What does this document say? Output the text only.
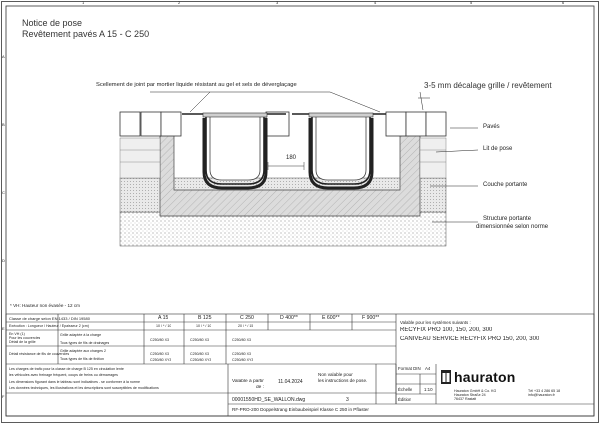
1	2	3	4	5	6
A
B
C
D
E
F
Notice de pose
Revêtement pavés A 15 - C 250
Scellement de joint par mortier liquide résistant au gel et sels de déverglaçage	3-5 mm décalage grille / revêtement
Pavés
Lit de pose
Couche portante
Structure portante
dimensionnée selon norme
180
* VH: Hauteur non évasée - 12 cm
Classe de charge selon EN 1433 / DIN 19580	A 15	B 125	C 250	D 400**	E 600**	F 900**
Exécution : Longueur / Hauteur / Épaisseur 2 (cm)	10 / * / 10	10 / * / 10	20 / * / 15
En VH (1)
Pour les couvercles
Détail de la grille
Grille adaptée à la charge
C250/80 X3	C250/80 X3	C250/80 X3
Tous types de fils de drainages
Détail résistance de fils de couvercles
Grille adaptée aux charges 2
C250/80 X3	C250/80 X3	C250/80 X3
Tous types de fils de finition	C250/80 XY3	C250/80 XY3	C250/80 XY3
Valable pour les systèmes suivants :
RECYFIX PRO 100, 150, 200, 300
CANIVEAU SERVICE RECYFIX PRO 150, 200, 300
Les charges de trafic pour la classe de charge B 125 en circulation lente
les véhicules avec freinage fréquent, coups de freins ou démarrages
Les dimensions figurant dans le tableau sont indicatives - se conformer à la norme
Les données techniques, les illustrations et les descriptions sont susceptibles de modifications
Valable à partir
de :
11.04.2024
Non valable pour
les instructions de pose.
00001550HD_SE_WALLON.dwg	3
Format DIN A4
Échelle	1:10
Édition
hauraton
Hauraton GmbH & Co. KG
Hauraton Straße 24
76437 Rastatt
Tél +33 4 286 65 18
info@hauraton.fr
RF-PRO-200 Doppelstrang Einbaubeispiel Klasse C 250 in Pflaster
